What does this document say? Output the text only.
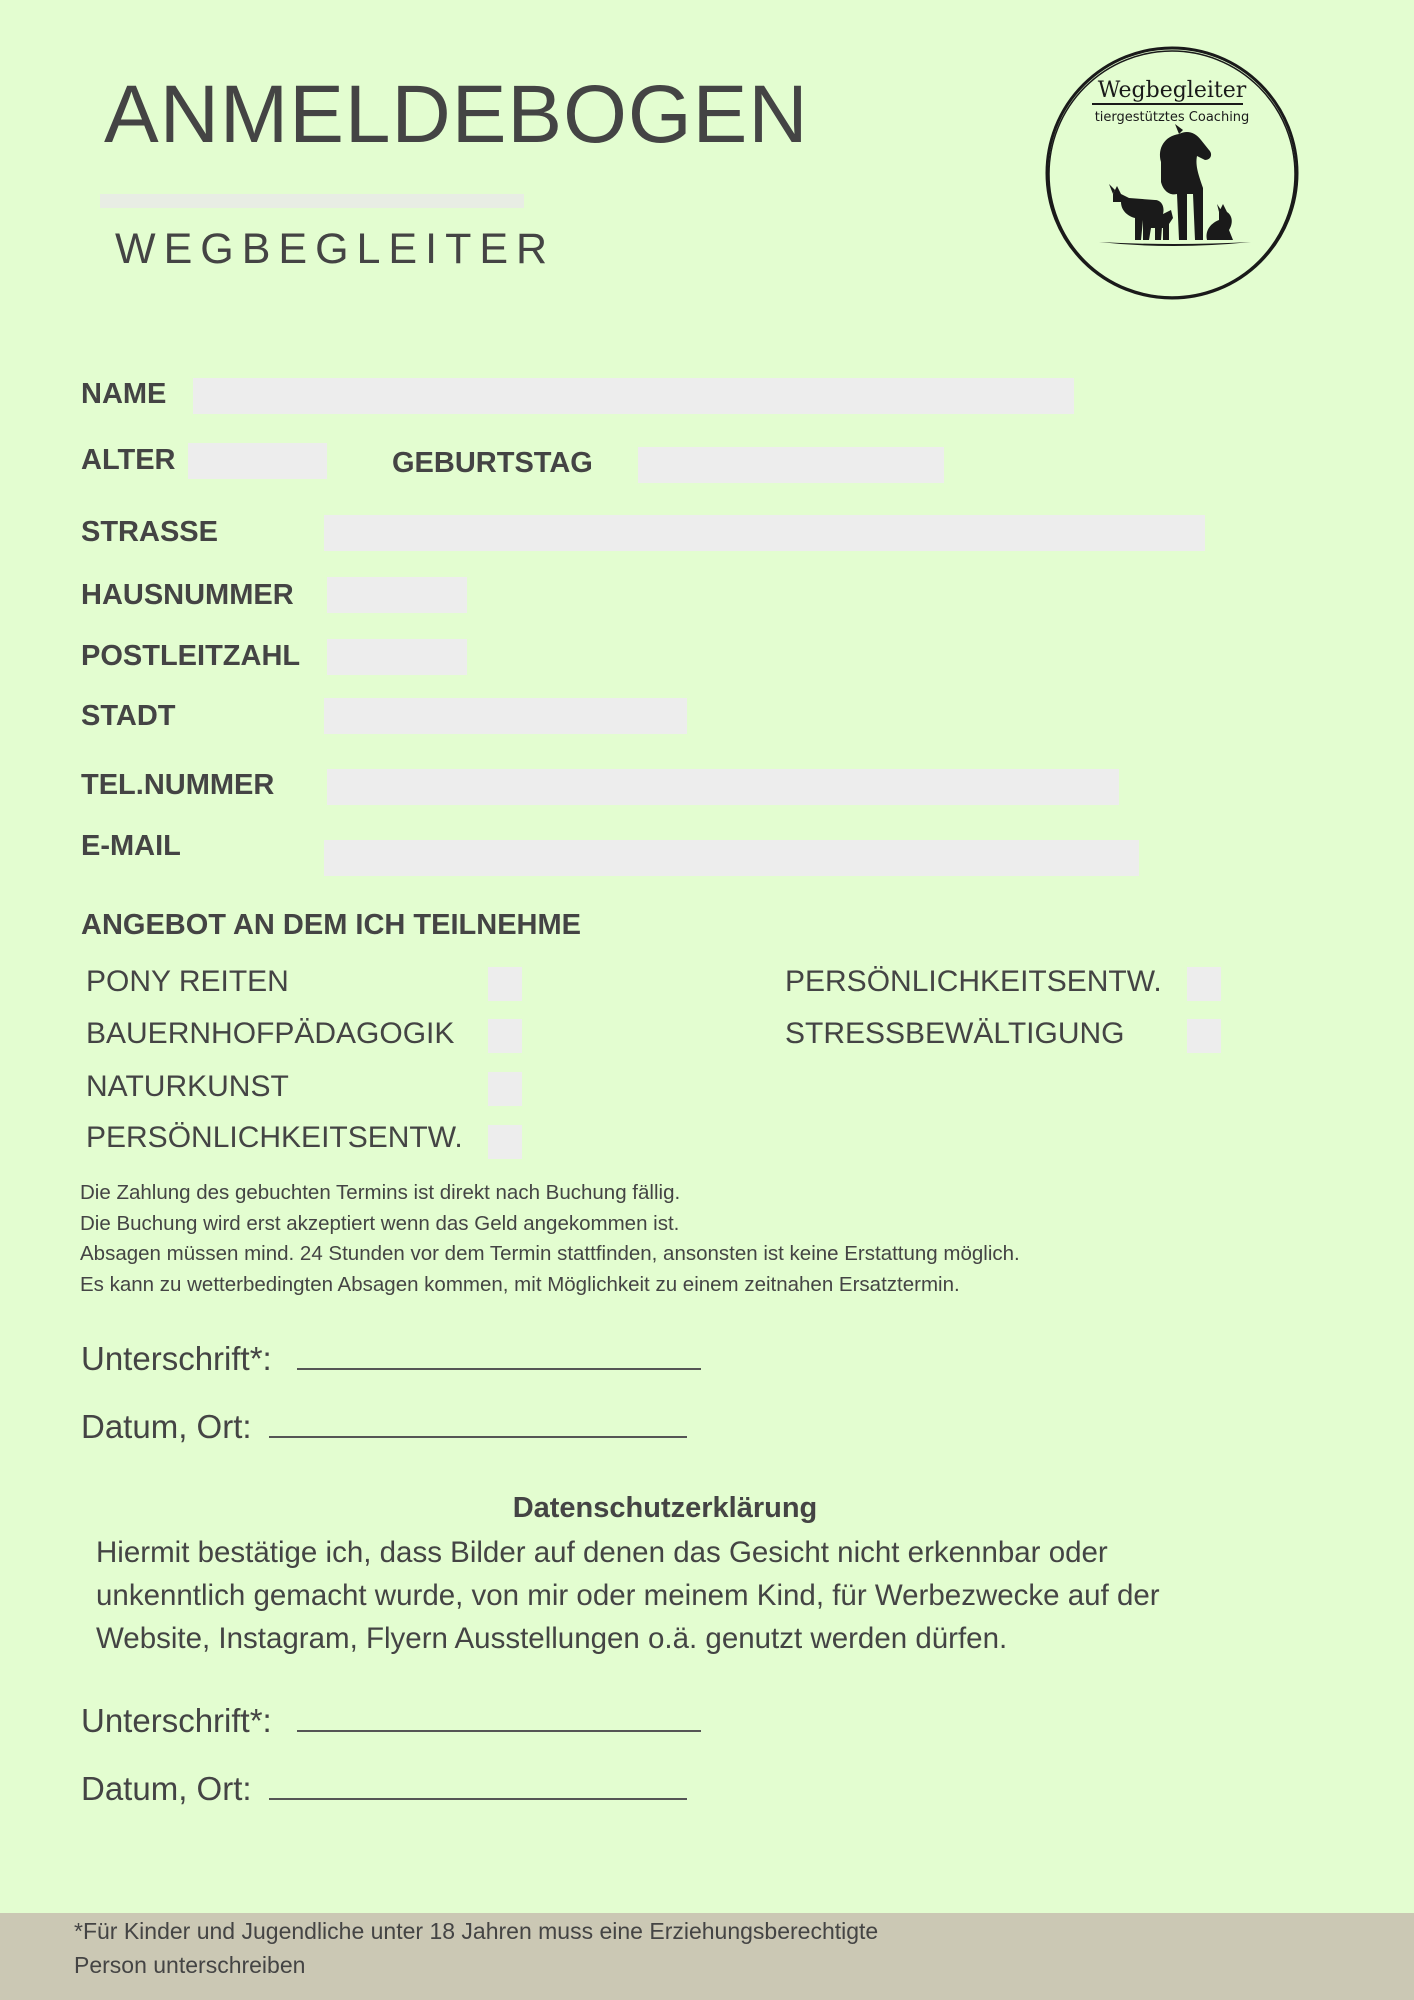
ANMELDEBOGEN
WEGBEGLEITER
Wegbegleiter
tiergestütztes Coaching
NAME
ALTER	GEBURTSTAG
STRASSE
HAUSNUMMER
POSTLEITZAHL
STADT
TEL.NUMMER
E-MAIL
ANGEBOT AN DEM ICH TEILNEHME
PONY REITEN
BAUERNHOFPÄDAGOGIK
NATURKUNST
PERSÖNLICHKEITSENTW.
PERSÖNLICHKEITSENTW.
STRESSBEWÄLTIGUNG
Die Zahlung des gebuchten Termins ist direkt nach Buchung fällig.
Die Buchung wird erst akzeptiert wenn das Geld angekommen ist.
Absagen müssen mind. 24 Stunden vor dem Termin stattfinden, ansonsten ist keine Erstattung möglich.
Es kann zu wetterbedingten Absagen kommen, mit Möglichkeit zu einem zeitnahen Ersatztermin.
Unterschrift*:
Datum, Ort:
Datenschutzerklärung
Hiermit bestätige ich, dass Bilder auf denen das Gesicht nicht erkennbar oder
unkenntlich gemacht wurde, von mir oder meinem Kind, für Werbezwecke auf der
Website, Instagram, Flyern Ausstellungen o.ä. genutzt werden dürfen.
Unterschrift*:
Datum, Ort:
*Für Kinder und Jugendliche unter 18 Jahren muss eine Erziehungsberechtigte
Person unterschreiben
